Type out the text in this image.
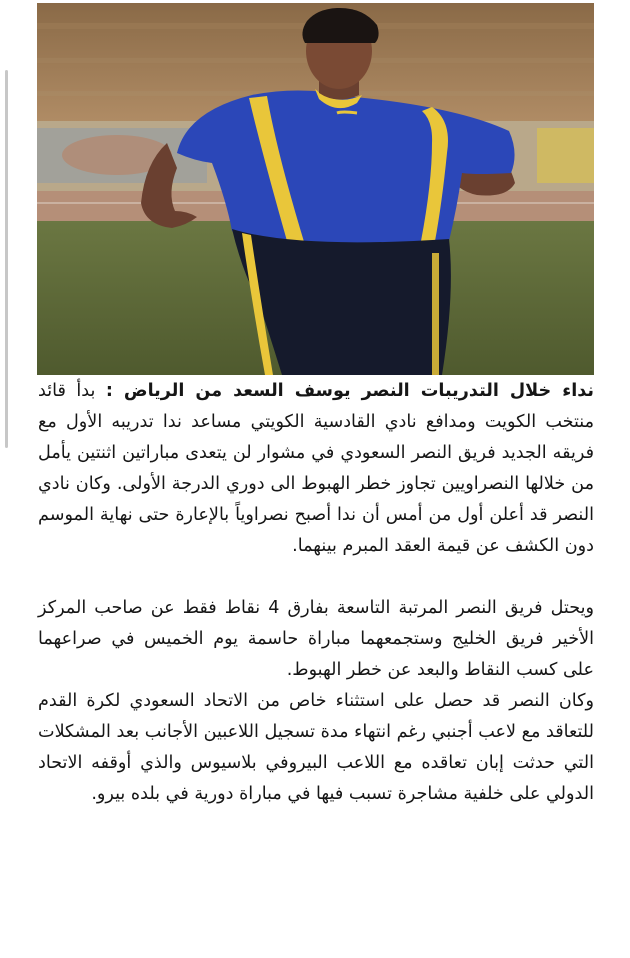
نداء خلال التدريبات النصر يوسف السعد من الرياض : بدأ قائد منتخب الكويت ومدافع نادي القادسية الكويتي مساعد ندا تدريبه الأول مع فريقه الجديد فريق النصر السعودي في مشوار لن يتعدى مباراتين اثنتين يأمل من خلالها النصراويين تجاوز خطر الهبوط الى دوري الدرجة الأولى. وكان نادي النصر قد أعلن أول من أمس أن ندا أصبح نصراوياً بالإعارة حتى نهاية الموسم دون الكشف عن قيمة العقد المبرم بينهما.

ويحتل فريق النصر المرتبة التاسعة بفارق 4 نقاط فقط عن صاحب المركز الأخير فريق الخليج وستجمعهما مباراة حاسمة يوم الخميس في صراعهما على كسب النقاط والبعد عن خطر الهبوط.

وكان النصر قد حصل على استثناء خاص من الاتحاد السعودي لكرة القدم للتعاقد مع لاعب أجنبي رغم انتهاء مدة تسجيل اللاعبين الأجانب بعد المشكلات التي حدثت إبان تعاقده مع اللاعب البيروفي بلاسيوس والذي أوقفه الاتحاد الدولي على خلفية مشاجرة تسبب فيها في مباراة دورية في بلده بيرو.
